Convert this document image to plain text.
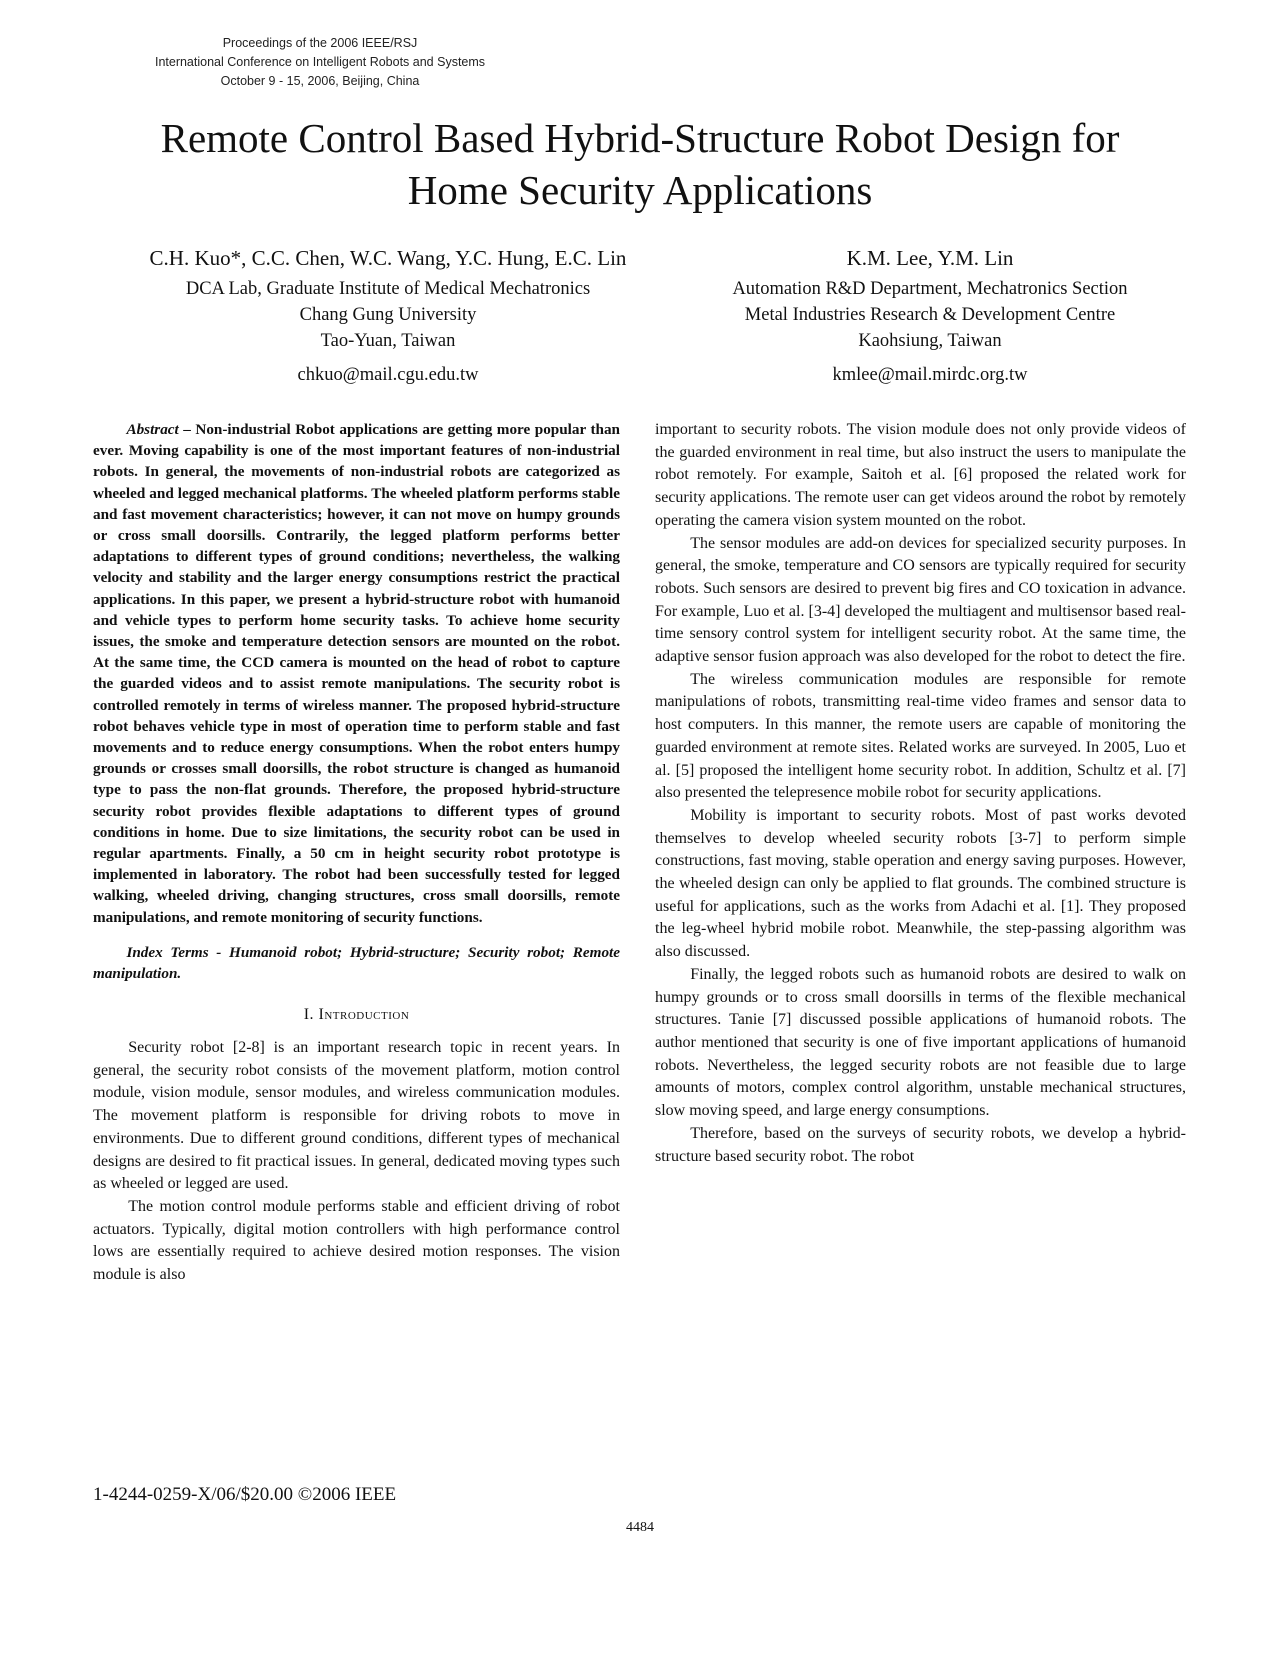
Proceedings of the 2006 IEEE/RSJ
International Conference on Intelligent Robots and Systems
October 9 - 15, 2006, Beijing, China
Remote Control Based Hybrid-Structure Robot Design for
Home Security Applications
C.H. Kuo*, C.C. Chen, W.C. Wang, Y.C. Hung, E.C. Lin
DCA Lab, Graduate Institute of Medical Mechatronics
Chang Gung University
Tao-Yuan, Taiwan
chkuo@mail.cgu.edu.tw
K.M. Lee, Y.M. Lin
Automation R&D Department, Mechatronics Section
Metal Industries Research & Development Centre
Kaohsiung, Taiwan
kmlee@mail.mirdc.org.tw

Abstract – Non-industrial Robot applications are getting more popular than ever. Moving capability is one of the most important features of non-industrial robots. In general, the movements of non-industrial robots are categorized as wheeled and legged mechanical platforms. The wheeled platform performs stable and fast movement characteristics; however, it can not move on humpy grounds or cross small doorsills. Contrarily, the legged platform performs better adaptations to different types of ground conditions; nevertheless, the walking velocity and stability and the larger energy consumptions restrict the practical applications. In this paper, we present a hybrid-structure robot with humanoid and vehicle types to perform home security tasks. To achieve home security issues, the smoke and temperature detection sensors are mounted on the robot. At the same time, the CCD camera is mounted on the head of robot to capture the guarded videos and to assist remote manipulations. The security robot is controlled remotely in terms of wireless manner. The proposed hybrid-structure robot behaves vehicle type in most of operation time to perform stable and fast movements and to reduce energy consumptions. When the robot enters humpy grounds or crosses small doorsills, the robot structure is changed as humanoid type to pass the non-flat grounds. Therefore, the proposed hybrid-structure security robot provides flexible adaptations to different types of ground conditions in home. Due to size limitations, the security robot can be used in regular apartments. Finally, a 50 cm in height security robot prototype is implemented in laboratory. The robot had been successfully tested for legged walking, wheeled driving, changing structures, cross small doorsills, remote manipulations, and remote monitoring of security functions.

Index Terms - Humanoid robot; Hybrid-structure; Security robot; Remote manipulation.

I. Introduction

Security robot [2-8] is an important research topic in recent years. In general, the security robot consists of the movement platform, motion control module, vision module, sensor modules, and wireless communication modules. The movement platform is responsible for driving robots to move in environments. Due to different ground conditions, different types of mechanical designs are desired to fit practical issues. In general, dedicated moving types such as wheeled or legged are used.

The motion control module performs stable and efficient driving of robot actuators. Typically, digital motion controllers with high performance control lows are essentially required to achieve desired motion responses. The vision module is also

important to security robots. The vision module does not only provide videos of the guarded environment in real time, but also instruct the users to manipulate the robot remotely. For example, Saitoh et al. [6] proposed the related work for security applications. The remote user can get videos around the robot by remotely operating the camera vision system mounted on the robot.

The sensor modules are add-on devices for specialized security purposes. In general, the smoke, temperature and CO sensors are typically required for security robots. Such sensors are desired to prevent big fires and CO toxication in advance. For example, Luo et al. [3-4] developed the multiagent and multisensor based real-time sensory control system for intelligent security robot. At the same time, the adaptive sensor fusion approach was also developed for the robot to detect the fire.

The wireless communication modules are responsible for remote manipulations of robots, transmitting real-time video frames and sensor data to host computers. In this manner, the remote users are capable of monitoring the guarded environment at remote sites. Related works are surveyed. In 2005, Luo et al. [5] proposed the intelligent home security robot. In addition, Schultz et al. [7] also presented the telepresence mobile robot for security applications.

Mobility is important to security robots. Most of past works devoted themselves to develop wheeled security robots [3-7] to perform simple constructions, fast moving, stable operation and energy saving purposes. However, the wheeled design can only be applied to flat grounds. The combined structure is useful for applications, such as the works from Adachi et al. [1]. They proposed the leg-wheel hybrid mobile robot. Meanwhile, the step-passing algorithm was also discussed.

Finally, the legged robots such as humanoid robots are desired to walk on humpy grounds or to cross small doorsills in terms of the flexible mechanical structures. Tanie [7] discussed possible applications of humanoid robots. The author mentioned that security is one of five important applications of humanoid robots. Nevertheless, the legged security robots are not feasible due to large amounts of motors, complex control algorithm, unstable mechanical structures, slow moving speed, and large energy consumptions.

Therefore, based on the surveys of security robots, we develop a hybrid-structure based security robot. The robot

1-4244-0259-X/06/$20.00 ©2006 IEEE
4484
